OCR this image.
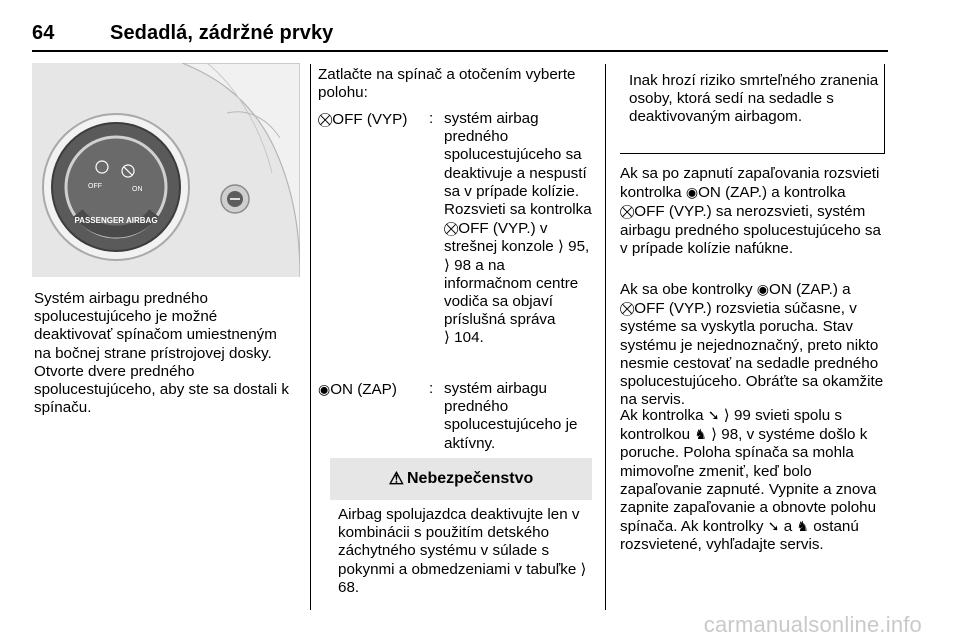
64	Sedadlá, zádržné prvky
PASSENGER AIRBAG
OFF	ON
Systém airbagu predného spolucestujúceho je možné deaktivovať spínačom umiestneným na bočnej strane prístrojovej dosky. Otvorte dvere predného spolucestujúceho, aby ste sa dostali k spínaču.
Zatlačte na spínač a otočením vyberte polohu:
⛒OFF (VYP) : systém airbag
predného spolucestujúceho sa deaktivuje a nespustí sa v prípade kolízie. Rozsvieti sa kontrolka ⛒OFF (VYP.) v strešnej konzole ⟩ 95,
⟩ 98 a na informačnom centre vodiča sa objaví príslušná správa
⟩ 104.
◉ON (ZAP) : systém airbagu
predného spolucestujúceho je aktívny.
⚠ Nebezpečenstvo
Airbag spolujazdca deaktivujte len v kombinácii s použitím detského záchytného systému v súlade s pokynmi a obmedzeniami v tabuľke ⟩ 68.
Inak hrozí riziko smrteľného zranenia osoby, ktorá sedí na sedadle s deaktivovaným airbagom.
Ak sa po zapnutí zapaľovania rozsvieti kontrolka ◉ON (ZAP.) a kontrolka ⛒OFF (VYP.) sa nerozsvieti, systém airbagu predného spolucestujúceho sa v prípade kolízie nafúkne.
Ak sa obe kontrolky ◉ON (ZAP.) a ⛒OFF (VYP.) rozsvietia súčasne, v systéme sa vyskytla porucha. Stav systému je nejednoznačný, preto nikto nesmie cestovať na sedadle predného spolucestujúceho. Obráťte sa okamžite na servis.
Ak kontrolka ➘ ⟩ 99 svieti spolu s kontrolkou ♞ ⟩ 98, v systéme došlo k poruche. Poloha spínača sa mohla mimovoľne zmeniť, keď bolo zapaľovanie zapnuté. Vypnite a znova zapnite zapaľovanie a obnovte polohu spínača. Ak kontrolky ➘ a ♞ ostanú rozsvietené, vyhľadajte servis.
carmanualsonline.info
